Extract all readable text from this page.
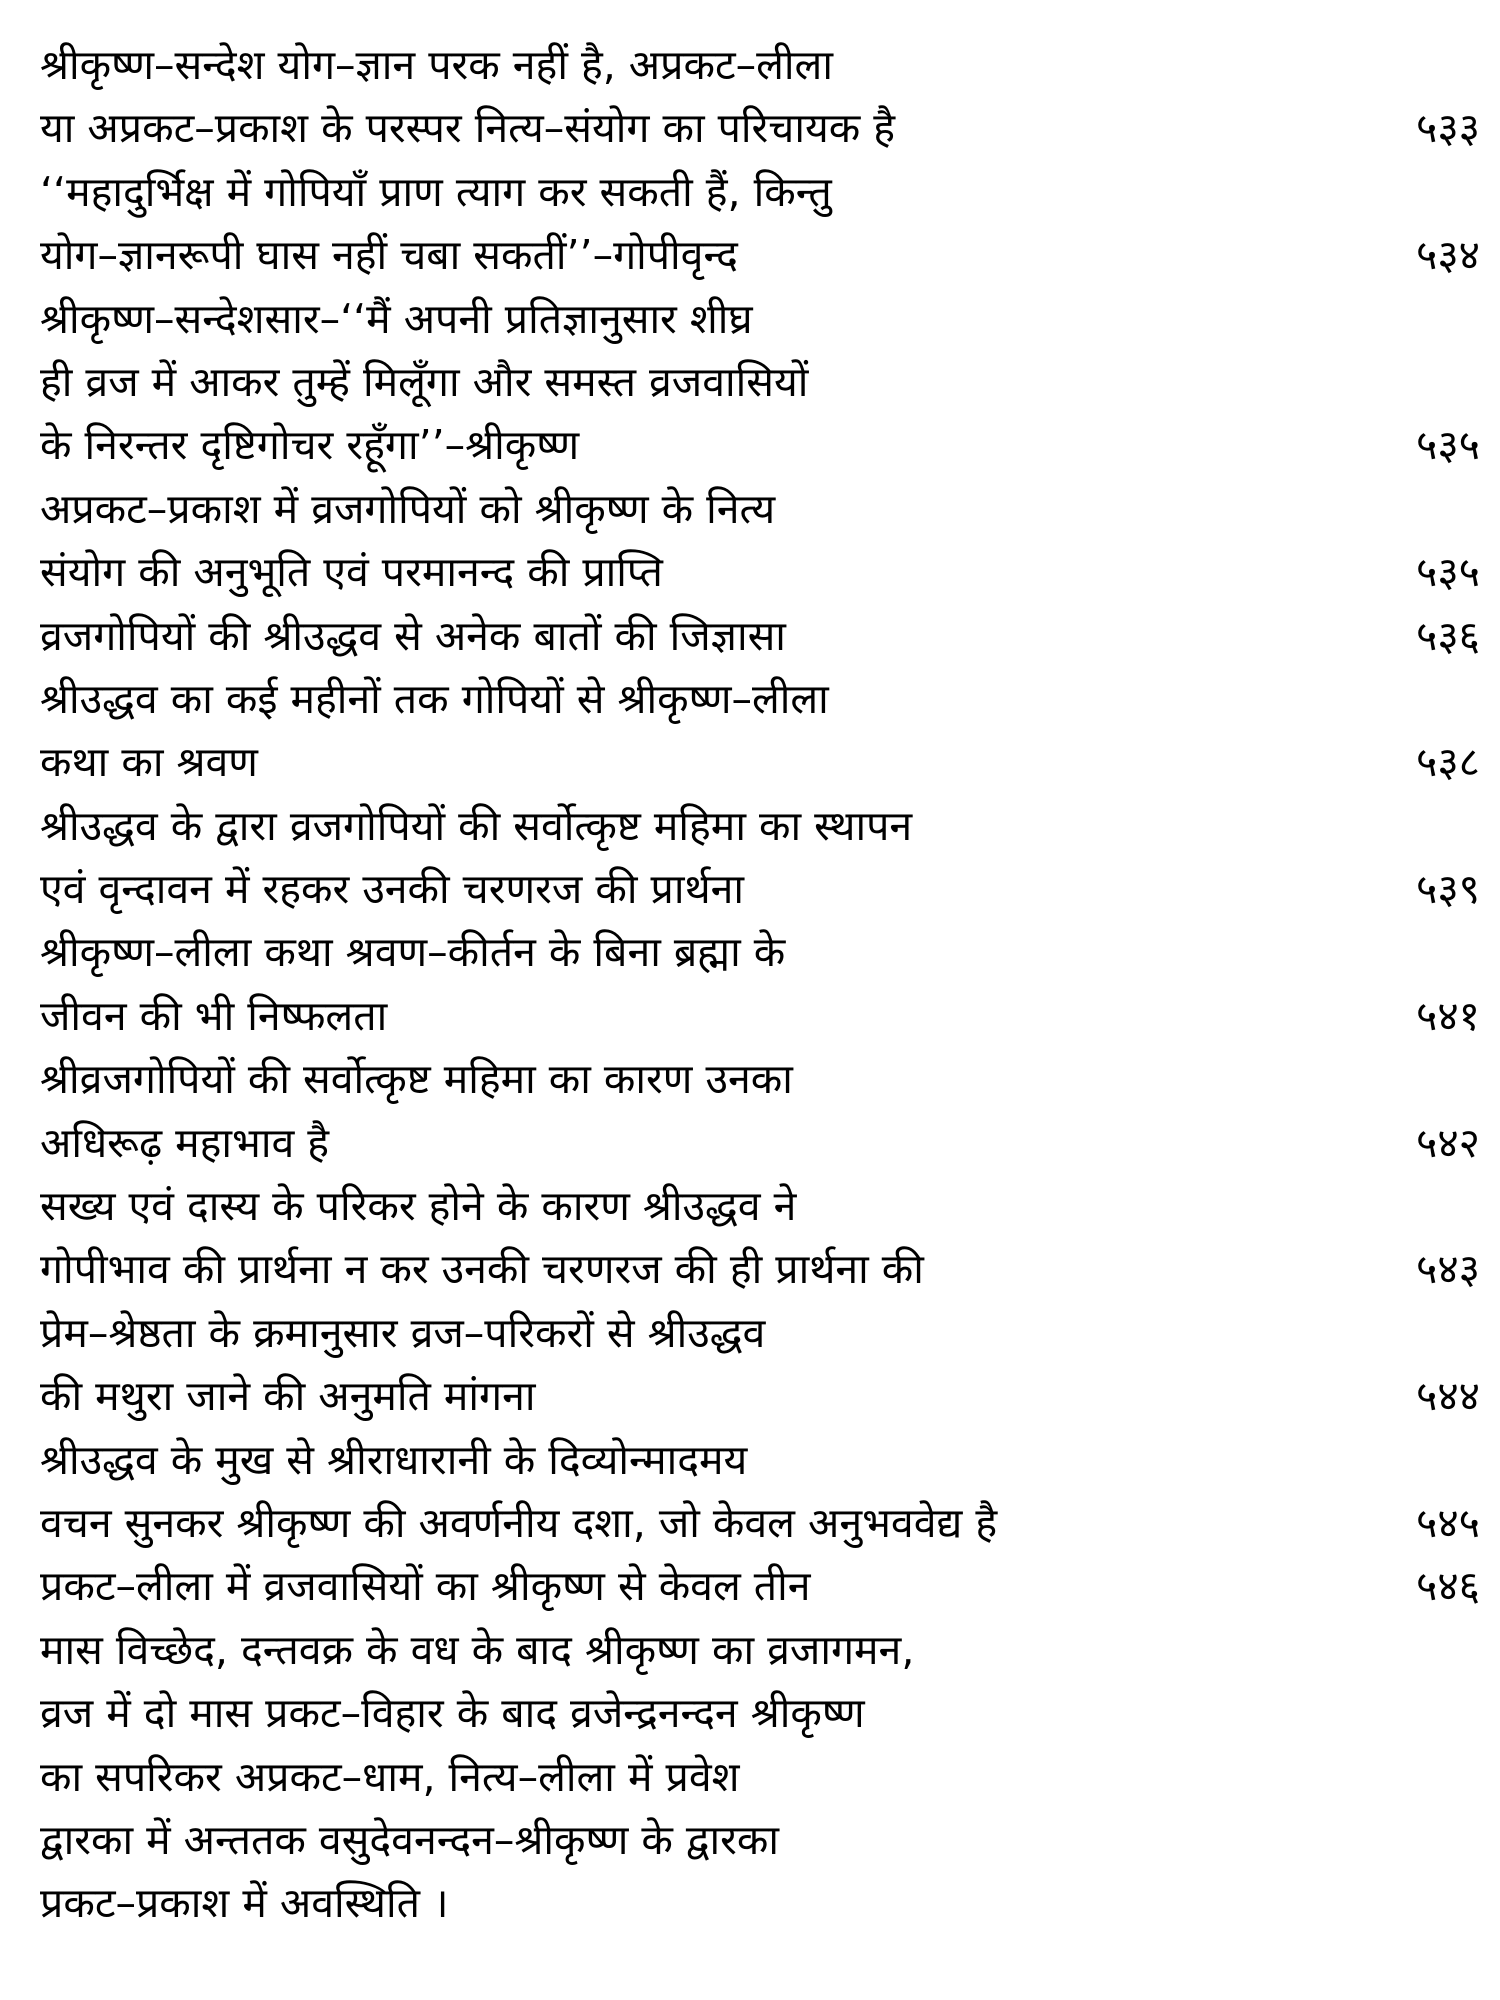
श्रीकृष्ण–सन्देश योग–ज्ञान परक नहीं है, अप्रकट–लीला
या अप्रकट–प्रकाश के परस्पर नित्य–संयोग का परिचायक है	५३३
‘‘महादुर्भिक्ष में गोपियाँ प्राण त्याग कर सकती हैं, किन्तु
योग–ज्ञानरूपी घास नहीं चबा सकतीं’’–गोपीवृन्द	५३४
श्रीकृष्ण–सन्देशसार–‘‘मैं अपनी प्रतिज्ञानुसार शीघ्र
ही व्रज में आकर तुम्हें मिलूँगा और समस्त व्रजवासियों
के निरन्तर दृष्टिगोचर रहूँगा’’–श्रीकृष्ण	५३५
अप्रकट–प्रकाश में व्रजगोपियों को श्रीकृष्ण के नित्य
संयोग की अनुभूति एवं परमानन्द की प्राप्ति	५३५
व्रजगोपियों की श्रीउद्धव से अनेक बातों की जिज्ञासा	५३६
श्रीउद्धव का कई महीनों तक गोपियों से श्रीकृष्ण–लीला
कथा का श्रवण	५३८
श्रीउद्धव के द्वारा व्रजगोपियों की सर्वोत्कृष्ट महिमा का स्थापन
एवं वृन्दावन में रहकर उनकी चरणरज की प्रार्थना	५३९
श्रीकृष्ण–लीला कथा श्रवण–कीर्तन के बिना ब्रह्मा के
जीवन की भी निष्फलता	५४१
श्रीव्रजगोपियों की सर्वोत्कृष्ट महिमा का कारण उनका
अधिरूढ़ महाभाव है	५४२
सख्य एवं दास्य के परिकर होने के कारण श्रीउद्धव ने
गोपीभाव की प्रार्थना न कर उनकी चरणरज की ही प्रार्थना की	५४३
प्रेम–श्रेष्ठता के क्रमानुसार व्रज–परिकरों से श्रीउद्धव
की मथुरा जाने की अनुमति मांगना	५४४
श्रीउद्धव के मुख से श्रीराधारानी के दिव्योन्मादमय
वचन सुनकर श्रीकृष्ण की अवर्णनीय दशा, जो केवल अनुभववेद्य है	५४५
प्रकट–लीला में व्रजवासियों का श्रीकृष्ण से केवल तीन	५४६
मास विच्छेद, दन्तवक्र के वध के बाद श्रीकृष्ण का व्रजागमन,
व्रज में दो मास प्रकट–विहार के बाद व्रजेन्द्रनन्दन श्रीकृष्ण
का सपरिकर अप्रकट–धाम, नित्य–लीला में प्रवेश
द्वारका में अन्ततक वसुदेवनन्दन–श्रीकृष्ण के द्वारका
प्रकट–प्रकाश में अवस्थिति ।
